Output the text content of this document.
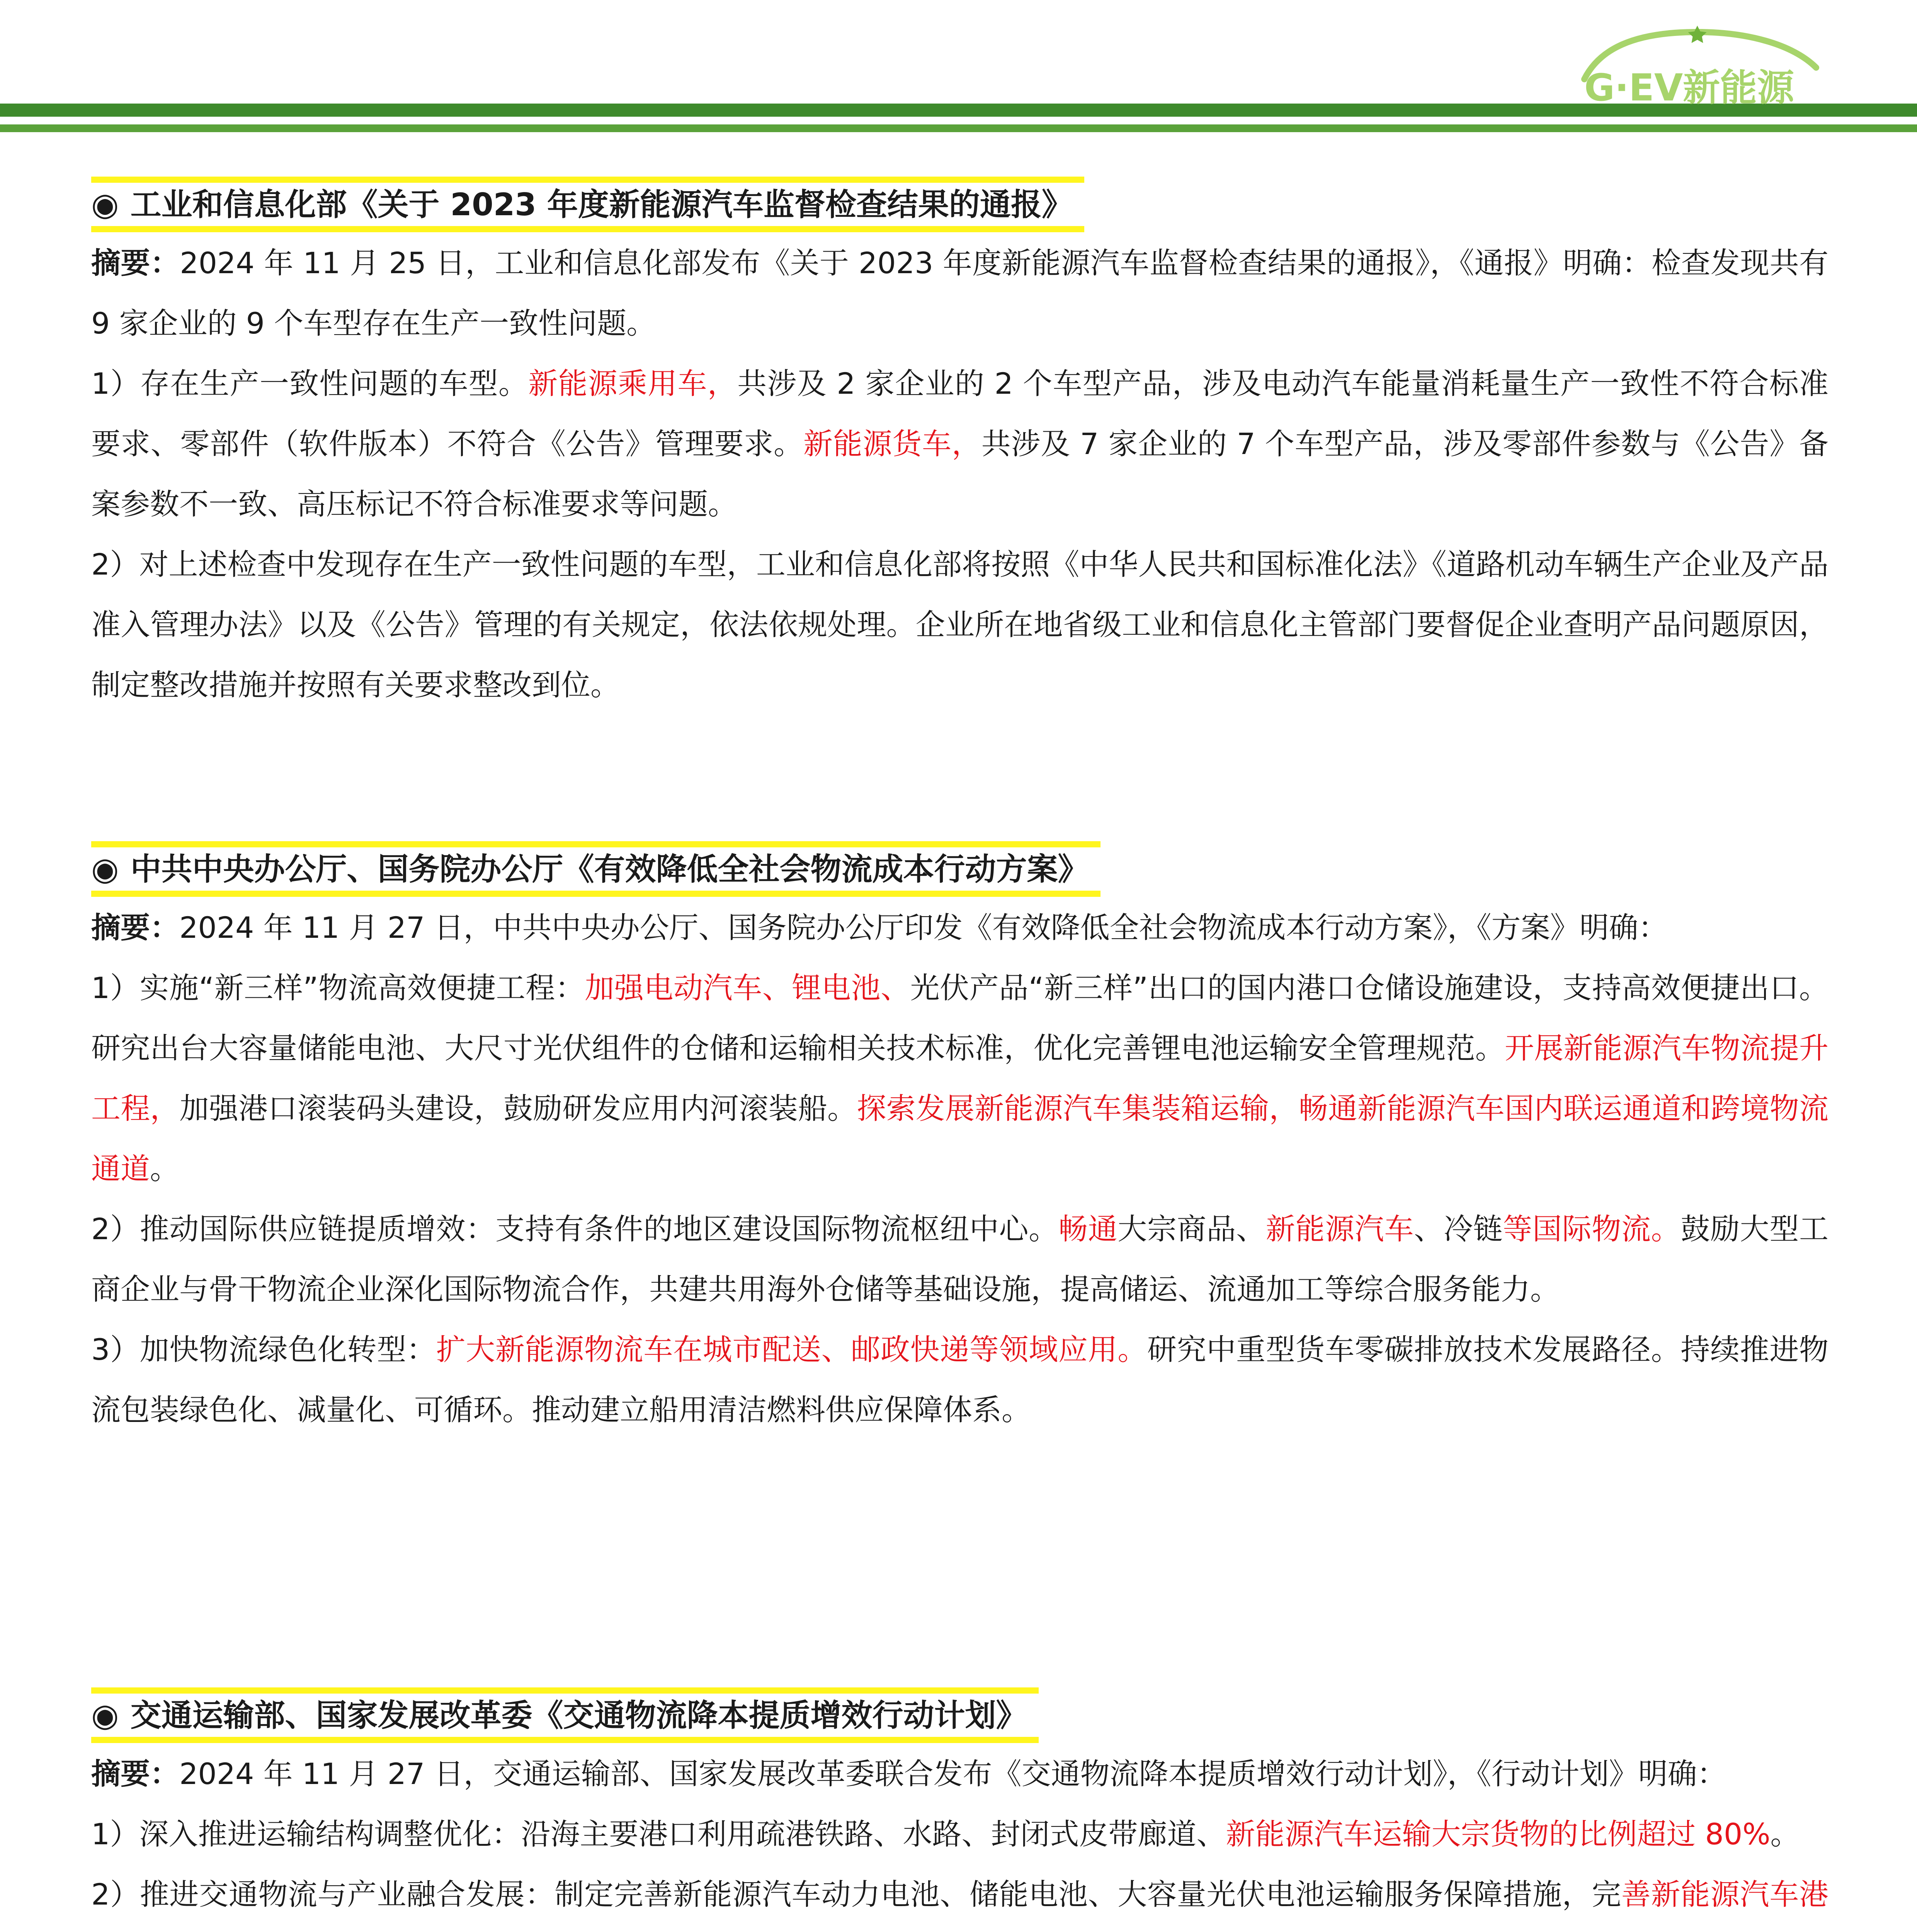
G·EV新能源
◉ 工业和信息化部《关于 2023 年度新能源汽车监督检查结果的通报》

摘要：2024 年 11 月 25 日，工业和信息化部发布《关于 2023 年度新能源汽车监督检查结果的通报》，《通报》明确：检查发现共有 9 家企业的 9 个车型存在生产一致性问题。

1）存在生产一致性问题的车型。新能源乘用车，共涉及 2 家企业的 2 个车型产品，涉及电动汽车能量消耗量生产一致性不符合标准要求、零部件（软件版本）不符合《公告》管理要求。新能源货车，共涉及 7 家企业的 7 个车型产品，涉及零部件参数与《公告》备案参数不一致、高压标记不符合标准要求等问题。

2）对上述检查中发现存在生产一致性问题的车型，工业和信息化部将按照《中华人民共和国标准化法》《道路机动车辆生产企业及产品准入管理办法》以及《公告》管理的有关规定，依法依规处理。企业所在地省级工业和信息化主管部门要督促企业查明产品问题原因，制定整改措施并按照有关要求整改到位。

◉ 中共中央办公厅、国务院办公厅《有效降低全社会物流成本行动方案》

摘要：2024 年 11 月 27 日，中共中央办公厅、国务院办公厅印发《有效降低全社会物流成本行动方案》，《方案》明确：

1）实施“新三样”物流高效便捷工程：加强电动汽车、锂电池、光伏产品“新三样”出口的国内港口仓储设施建设，支持高效便捷出口。研究出台大容量储能电池、大尺寸光伏组件的仓储和运输相关技术标准，优化完善锂电池运输安全管理规范。开展新能源汽车物流提升工程，加强港口滚装码头建设，鼓励研发应用内河滚装船。探索发展新能源汽车集装箱运输，畅通新能源汽车国内联运通道和跨境物流通道。

2）推动国际供应链提质增效：支持有条件的地区建设国际物流枢纽中心。畅通大宗商品、新能源汽车、冷链等国际物流。鼓励大型工商企业与骨干物流企业深化国际物流合作，共建共用海外仓储等基础设施，提高储运、流通加工等综合服务能力。

3）加快物流绿色化转型：扩大新能源物流车在城市配送、邮政快递等领域应用。研究中重型货车零碳排放技术发展路径。持续推进物流包装绿色化、减量化、可循环。推动建立船用清洁燃料供应保障体系。

◉ 交通运输部、国家发展改革委《交通物流降本提质增效行动计划》

摘要：2024 年 11 月 27 日，交通运输部、国家发展改革委联合发布《交通物流降本提质增效行动计划》，《行动计划》明确：

1）深入推进运输结构调整优化：沿海主要港口利用疏港铁路、水路、封闭式皮带廊道、新能源汽车运输大宗货物的比例超过 80%。

2）推进交通物流与产业融合发展：制定完善新能源汽车动力电池、储能电池、大容量光伏电池运输服务保障措施，完善新能源汽车港
